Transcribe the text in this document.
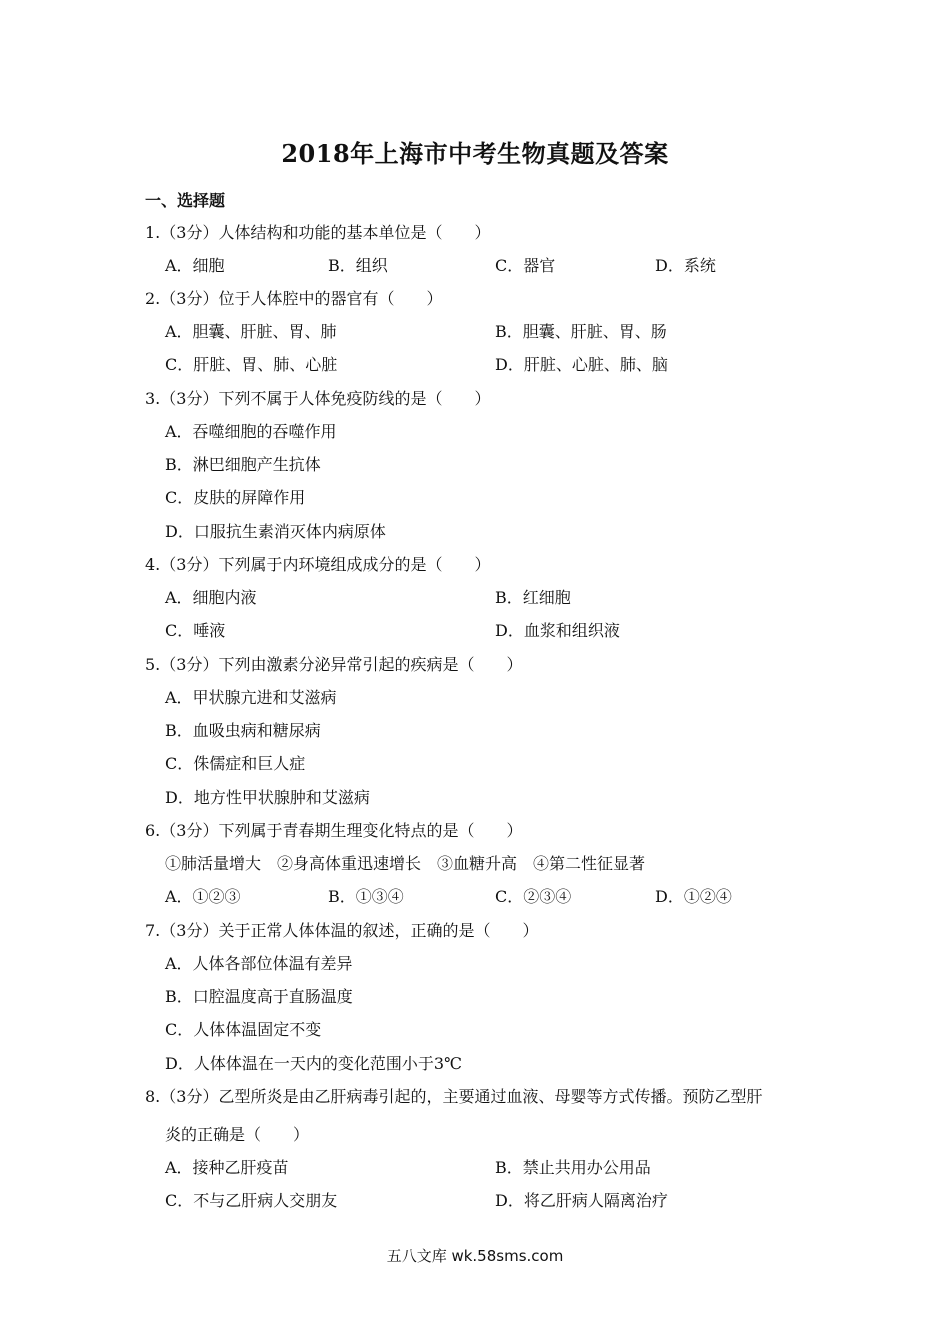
2018年上海市中考生物真题及答案
一、选择题
1.（3分）人体结构和功能的基本单位是（　　）
A．细胞	B．组织	C．器官	D．系统
2.（3分）位于人体腔中的器官有（　　）
A．胆囊、肝脏、胃、肺	B．胆囊、肝脏、胃、肠
C．肝脏、胃、肺、心脏	D．肝脏、心脏、肺、脑
3.（3分）下列不属于人体免疫防线的是（　　）
A．吞噬细胞的吞噬作用
B．淋巴细胞产生抗体
C．皮肤的屏障作用
D．口服抗生素消灭体内病原体
4.（3分）下列属于内环境组成成分的是（　　）
A．细胞内液	B．红细胞
C．唾液	D．血浆和组织液
5.（3分）下列由激素分泌异常引起的疾病是（　　）
A．甲状腺亢进和艾滋病
B．血吸虫病和糖尿病
C．侏儒症和巨人症
D．地方性甲状腺肿和艾滋病
6.（3分）下列属于青春期生理变化特点的是（　　）
①肺活量增大　②身高体重迅速增长　③血糖升高　④第二性征显著
A．①②③	B．①③④	C．②③④	D．①②④
7.（3分）关于正常人体体温的叙述，正确的是（　　）
A．人体各部位体温有差异
B．口腔温度高于直肠温度
C．人体体温固定不变
D．人体体温在一天内的变化范围小于3℃
8.（3分）乙型所炎是由乙肝病毒引起的，主要通过血液、母婴等方式传播。预防乙型肝
炎的正确是（　　）
A．接种乙肝疫苗	B．禁止共用办公用品
C．不与乙肝病人交朋友	D．将乙肝病人隔离治疗
五八文库 wk.58sms.com
